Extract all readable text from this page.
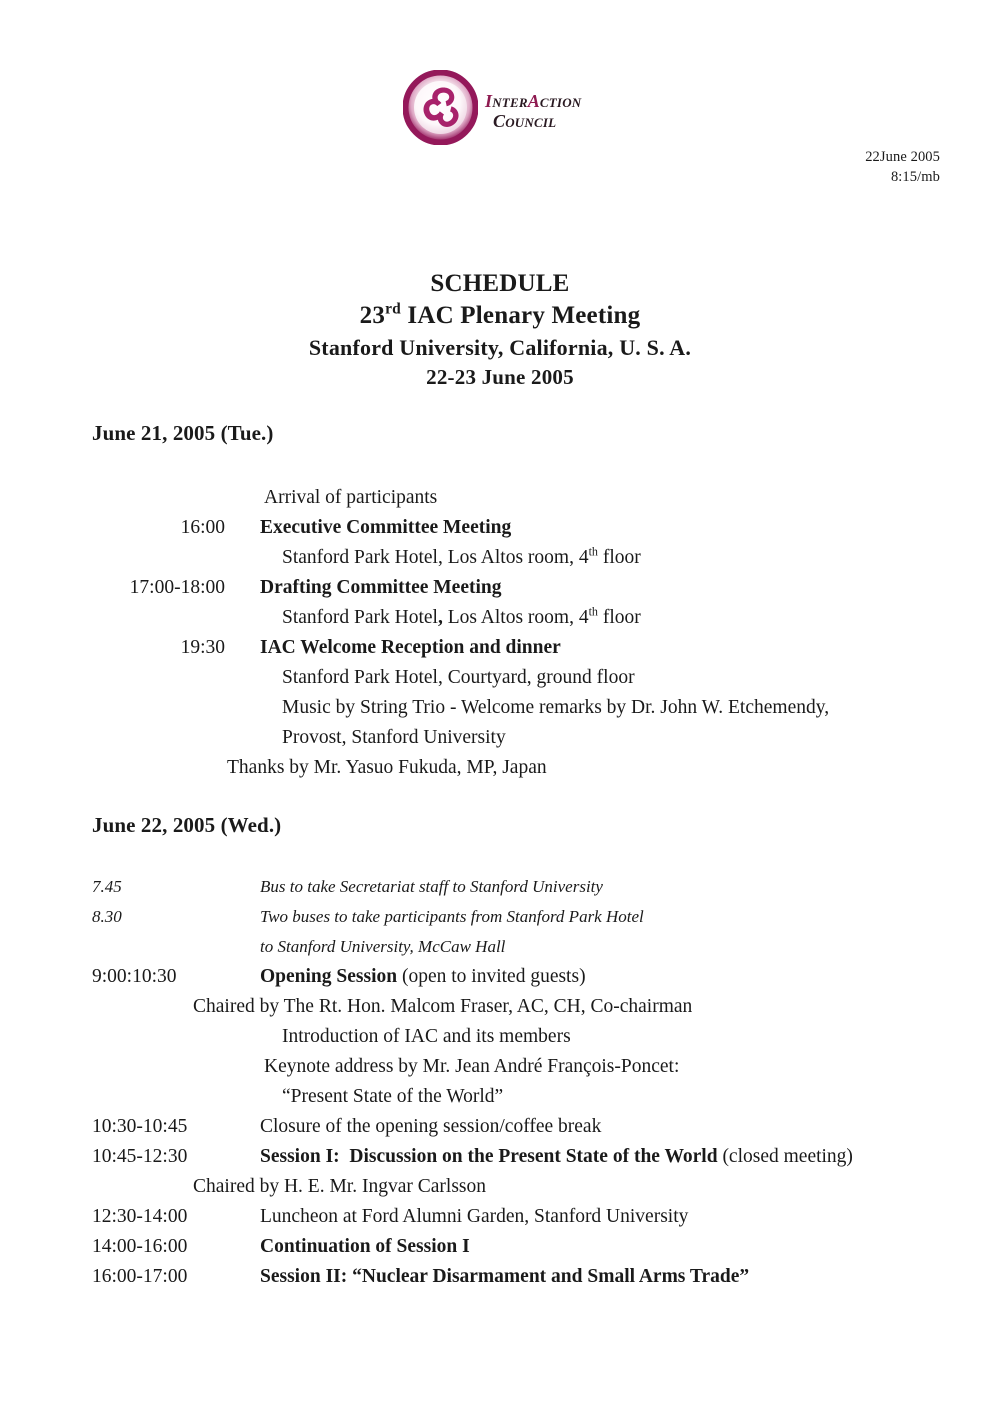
INTERACTION
COUNCIL
22June 2005
8:15/mb
SCHEDULE
23rd IAC Plenary Meeting
Stanford University, California, U. S. A.
22-23 June 2005
June 21, 2005 (Tue.)
Arrival of participants
16:00 Executive Committee Meeting
Stanford Park Hotel, Los Altos room, 4th floor
17:00-18:00 Drafting Committee Meeting
Stanford Park Hotel, Los Altos room, 4th floor
19:30 IAC Welcome Reception and dinner
Stanford Park Hotel, Courtyard, ground floor
Music by String Trio - Welcome remarks by Dr. John W. Etchemendy,
Provost, Stanford University
Thanks by Mr. Yasuo Fukuda, MP, Japan
June 22, 2005 (Wed.)
7.45	Bus to take Secretariat staff to Stanford University
8.30	Two buses to take participants from Stanford Park Hotel
to Stanford University, McCaw Hall
9:00:10:30	Opening Session (open to invited guests)
Chaired by The Rt. Hon. Malcom Fraser, AC, CH, Co-chairman
Introduction of IAC and its members
Keynote address by Mr. Jean André François-Poncet:
“Present State of the World”
10:30-10:45	Closure of the opening session/coffee break
10:45-12:30	Session I:  Discussion on the Present State of the World (closed meeting)
Chaired by H. E. Mr. Ingvar Carlsson
12:30-14:00	Luncheon at Ford Alumni Garden, Stanford University
14:00-16:00	Continuation of Session I
16:00-17:00	Session II: “Nuclear Disarmament and Small Arms Trade”
